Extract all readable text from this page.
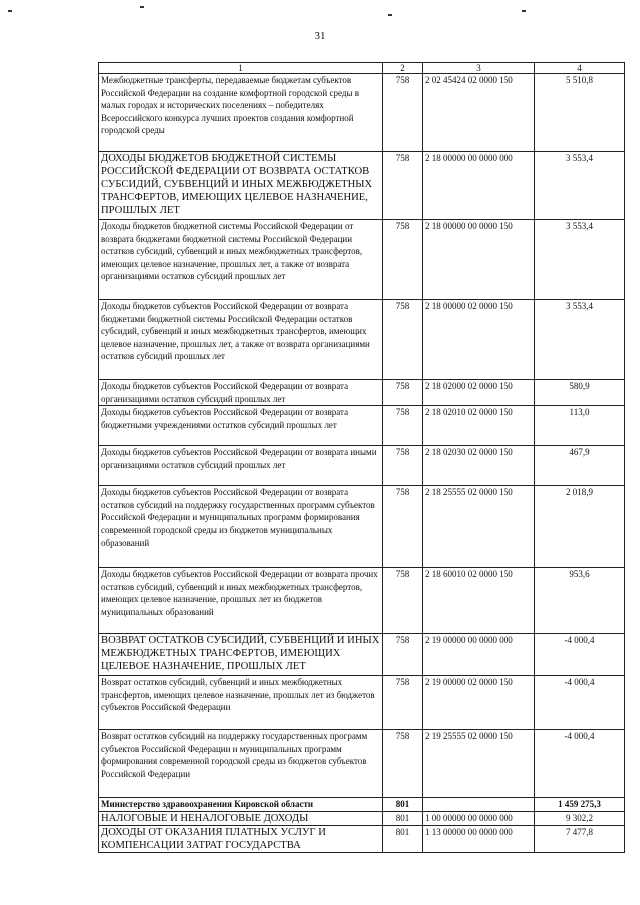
31
1	2	3	4
Межбюджетные трансферты, передаваемые бюджетам субъектов Российской Федерации на создание комфортной городской среды в малых городах и исторических поселениях – победителях Всероссийского конкурса лучших проектов создания комфортной городской среды	758	2 02 45424 02 0000 150	5 510,8
ДОХОДЫ БЮДЖЕТОВ БЮДЖЕТНОЙ СИСТЕМЫ РОССИЙСКОЙ ФЕДЕРАЦИИ ОТ ВОЗВРАТА ОСТАТКОВ СУБСИДИЙ, СУБВЕНЦИЙ И ИНЫХ МЕЖБЮДЖЕТНЫХ ТРАНСФЕРТОВ, ИМЕЮЩИХ ЦЕЛЕВОЕ НАЗНАЧЕНИЕ, ПРОШЛЫХ ЛЕТ	758	2 18 00000 00 0000 000	3 553,4
Доходы бюджетов бюджетной системы Российской Федерации от возврата бюджетами бюджетной системы Российской Федерации остатков субсидий, субвенций и иных межбюджетных трансфертов, имеющих целевое назначение, прошлых лет, а также от возврата организациями остатков субсидий прошлых лет	758	2 18 00000 00 0000 150	3 553,4
Доходы бюджетов субъектов Российской Федерации от возврата бюджетами бюджетной системы Российской Федерации остатков субсидий, субвенций и иных межбюджетных трансфертов, имеющих целевое назначение, прошлых лет, а также от возврата организациями остатков субсидий прошлых лет	758	2 18 00000 02 0000 150	3 553,4
Доходы бюджетов субъектов Российской Федерации от возврата организациями остатков субсидий прошлых лет	758	2 18 02000 02 0000 150	580,9
Доходы бюджетов субъектов Российской Федерации от возврата бюджетными учреждениями остатков субсидий прошлых лет	758	2 18 02010 02 0000 150	113,0
Доходы бюджетов субъектов Российской Федерации от возврата иными организациями остатков субсидий прошлых лет	758	2 18 02030 02 0000 150	467,9
Доходы бюджетов субъектов Российской Федерации от возврата остатков субсидий на поддержку государственных программ субъектов Российской Федерации и муниципальных программ формирования современной городской среды из бюджетов муниципальных образований	758	2 18 25555 02 0000 150	2 018,9
Доходы бюджетов субъектов Российской Федерации от возврата прочих остатков субсидий, субвенций и иных межбюджетных трансфертов, имеющих целевое назначение, прошлых лет из бюджетов муниципальных образований	758	2 18 60010 02 0000 150	953,6
ВОЗВРАТ ОСТАТКОВ СУБСИДИЙ, СУБВЕНЦИЙ И ИНЫХ МЕЖБЮДЖЕТНЫХ ТРАНСФЕРТОВ, ИМЕЮЩИХ ЦЕЛЕВОЕ НАЗНАЧЕНИЕ, ПРОШЛЫХ ЛЕТ	758	2 19 00000 00 0000 000	-4 000,4
Возврат остатков субсидий, субвенций и иных межбюджетных трансфертов, имеющих целевое назначение, прошлых лет из бюджетов субъектов Российской Федерации	758	2 19 00000 02 0000 150	-4 000,4
Возврат остатков субсидий на поддержку государственных программ субъектов Российской Федерации и муниципальных программ формирования современной городской среды из бюджетов субъектов Российской Федерации	758	2 19 25555 02 0000 150	-4 000,4
Министерство здравоохранения Кировской области	801		1 459 275,3
НАЛОГОВЫЕ И НЕНАЛОГОВЫЕ ДОХОДЫ	801	1 00 00000 00 0000 000	9 302,2
ДОХОДЫ ОТ ОКАЗАНИЯ ПЛАТНЫХ УСЛУГ И КОМПЕНСАЦИИ ЗАТРАТ ГОСУДАРСТВА	801	1 13 00000 00 0000 000	7 477,8
